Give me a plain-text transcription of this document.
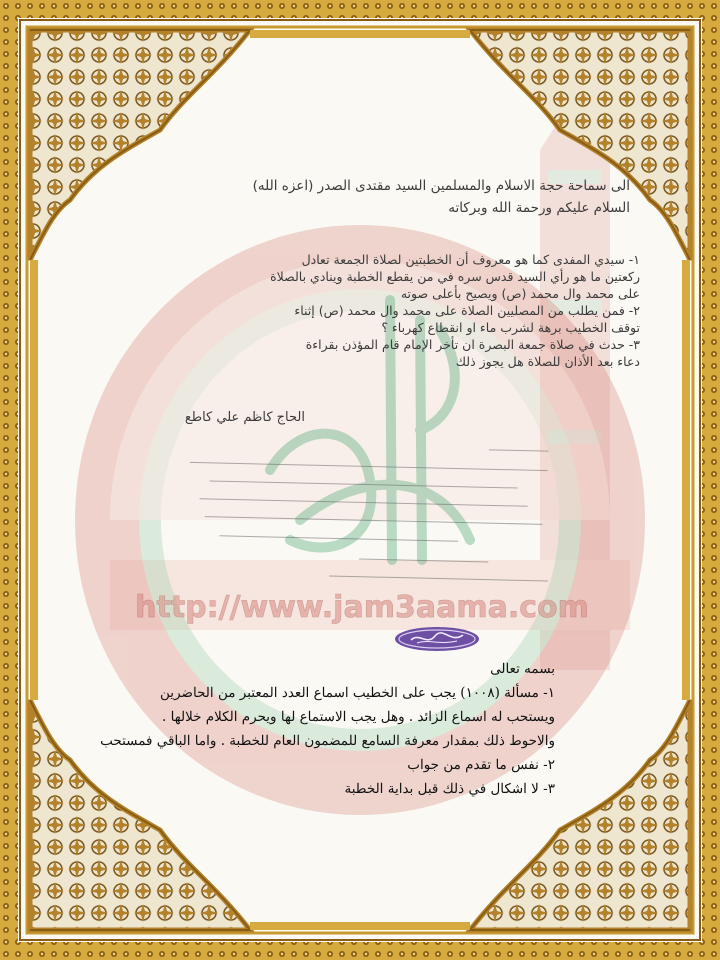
http://www.jam3aama.com
الى سماحة حجة الاسلام والمسلمين السيد مقتدى الصدر (اعزه الله)
السلام عليكم ورحمة الله وبركاته
١- سيدي المفدى كما هو معروف أن الخطبتين لصلاة الجمعة تعادل
ركعتين ما هو رأي السيد قدس سره في من يقطع الخطبة وينادي بالصلاة
على محمد وال محمد (ص) ويصيح بأعلى صوته
٢- فمن يطلب من المصليين الصلاة على محمد وال محمد (ص) إثناء
توقف الخطيب برهة لشرب ماء او انقطاع كهرباء ؟
٣- حدث في صلاة جمعة البصرة ان تأخر الإمام قام المؤذن بقراءة
دعاء بعد الأذان للصلاة هل يجوز ذلك
الحاج كاظم علي كاطع
بسمه تعالى
١- مسألة (١٠٠٨) يجب على الخطيب اسماع العدد المعتبر من الحاضرين
ويستحب له اسماع الزائد . وهل يجب الاستماع لها ويحرم الكلام خلالها .
والاحوط ذلك بمقدار معرفة السامع للمضمون العام للخطبة . واما الباقي فمستحب
٢- نفس ما تقدم من جواب
٣- لا اشكال في ذلك قبل بداية الخطبة
